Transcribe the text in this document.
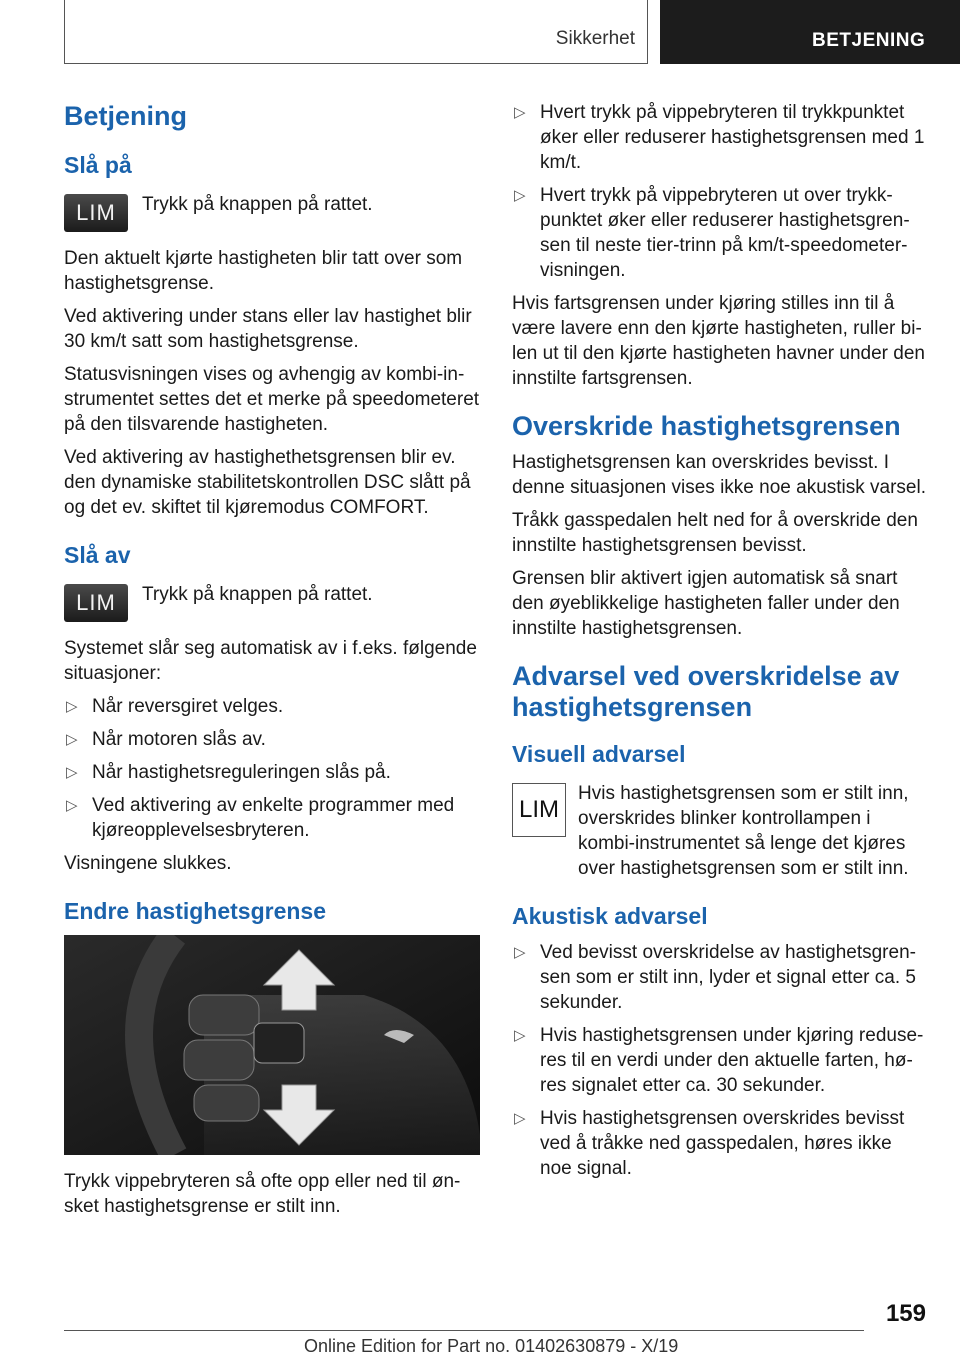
Sikkerhet	BETJENING
Betjening
Slå på
LIM	Trykk på knappen på rattet.

Den aktuelt kjørte hastigheten blir tatt over som hastighetsgrense.

Ved aktivering under stans eller lav hastighet blir 30 km/t satt som hastighetsgrense.

Statusvisningen vises og avhengig av kombi-instrumentet settes det et merke på speedometeret på den tilsvarende hastigheten.

Ved aktivering av hastighethetsgrensen blir ev. den dynamiske stabilitetskontrollen DSC slått på og det ev. skiftet til kjøremodus COMFORT.

Slå av
LIM	Trykk på knappen på rattet.

Systemet slår seg automatisk av i f.eks. følgende situasjoner:

▷ Når reversgiret velges.
▷ Når motoren slås av.
▷ Når hastighetsreguleringen slås på.
▷ Ved aktivering av enkelte programmer med kjøreopplevelsesbryteren.

Visningene slukkes.

Endre hastighetsgrense

Trykk vippebryteren så ofte opp eller ned til ønsket hastighetsgrense er stilt inn.

▷ Hvert trykk på vippebryteren til trykkpunktet øker eller reduserer hastighetsgrensen med 1 km/t.
▷ Hvert trykk på vippebryteren ut over trykkpunktet øker eller reduserer hastighetsgrensen til neste tier-trinn på km/t-speedometervisningen.

Hvis fartsgrensen under kjøring stilles inn til å være lavere enn den kjørte hastigheten, ruller bilen ut til den kjørte hastigheten havner under den innstilte fartsgrensen.

Overskride hastighetsgrensen

Hastighetsgrensen kan overskrides bevisst. I denne situasjonen vises ikke noe akustisk varsel.

Tråkk gasspedalen helt ned for å overskride den innstilte hastighetsgrensen bevisst.

Grensen blir aktivert igjen automatisk så snart den øyeblikkelige hastigheten faller under den innstilte hastighetsgrensen.

Advarsel ved overskridelse av hastighetsgrensen
Visuell advarsel
LIM

Hvis hastighetsgrensen som er stilt inn, overskrides blinker kontrollampen i kombi-instrumentet så lenge det kjøres over hastighetsgrensen som er stilt inn.

Akustisk advarsel
▷ Ved bevisst overskridelse av hastighetsgrensen som er stilt inn, lyder et signal etter ca. 5 sekunder.
▷ Hvis hastighetsgrensen under kjøring reduseres til en verdi under den aktuelle farten, høres signalet etter ca. 30 sekunder.
▷ Hvis hastighetsgrensen overskrides bevisst ved å tråkke ned gasspedalen, høres ikke noe signal.
159
Online Edition for Part no. 01402630879 - X/19
